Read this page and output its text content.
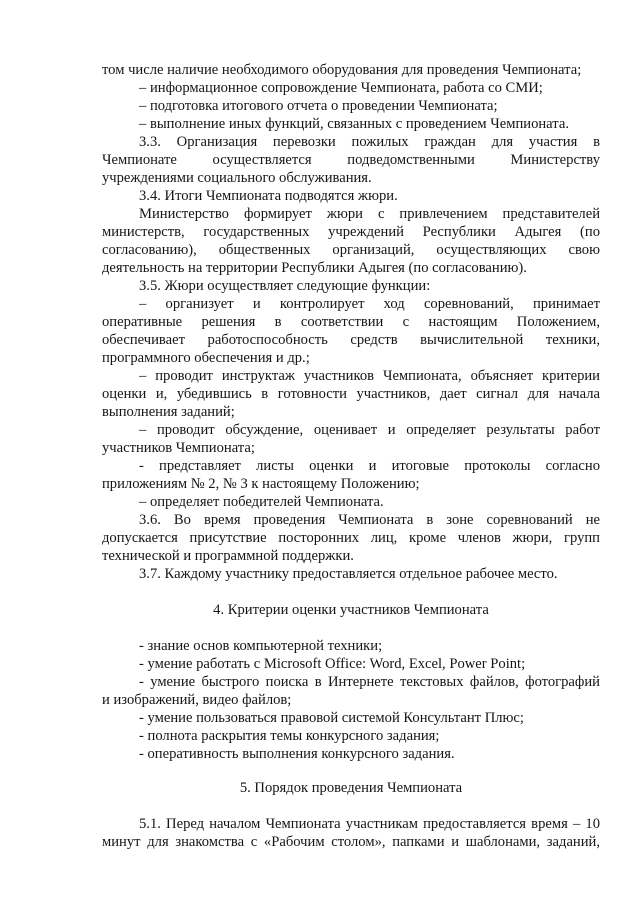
том числе наличие необходимого оборудования для проведения Чемпионата;
– информационное сопровождение Чемпионата, работа со СМИ;
– подготовка итогового отчета о проведении Чемпионата;
– выполнение иных функций, связанных с проведением Чемпионата.
3.3. Организация перевозки пожилых граждан для участия в
Чемпионате осуществляется подведомственными Министерству
учреждениями социального обслуживания.
3.4. Итоги Чемпионата подводятся жюри.
Министерство формирует жюри с привлечением представителей
министерств, государственных учреждений Республики Адыгея (по
согласованию), общественных организаций, осуществляющих свою
деятельность на территории Республики Адыгея (по согласованию).
3.5. Жюри осуществляет следующие функции:
– организует и контролирует ход соревнований, принимает
оперативные решения в соответствии с настоящим Положением,
обеспечивает работоспособность средств вычислительной техники,
программного обеспечения и др.;
– проводит инструктаж участников Чемпионата, объясняет критерии
оценки и, убедившись в готовности участников, дает сигнал для начала
выполнения заданий;
– проводит обсуждение, оценивает и определяет результаты работ
участников Чемпионата;
- представляет листы оценки и итоговые протоколы согласно
приложениям № 2, № 3 к настоящему Положению;
– определяет победителей Чемпионата.
3.6. Во время проведения Чемпионата в зоне соревнований не
допускается присутствие посторонних лиц, кроме членов жюри, групп
технической и программной поддержки.
3.7. Каждому участнику предоставляется отдельное рабочее место.
4. Критерии оценки участников Чемпионата
- знание основ компьютерной техники;
- умение работать с Microsoft Office: Word, Excel, Power Point;
- умение быстрого поиска в Интернете текстовых файлов, фотографий
и изображений, видео файлов;
- умение пользоваться правовой системой Консультант Плюс;
- полнота раскрытия темы конкурсного задания;
- оперативность выполнения конкурсного задания.
5. Порядок проведения Чемпионата
5.1. Перед началом Чемпионата участникам предоставляется время – 10
минут для знакомства с «Рабочим столом», папками и шаблонами, заданий,
